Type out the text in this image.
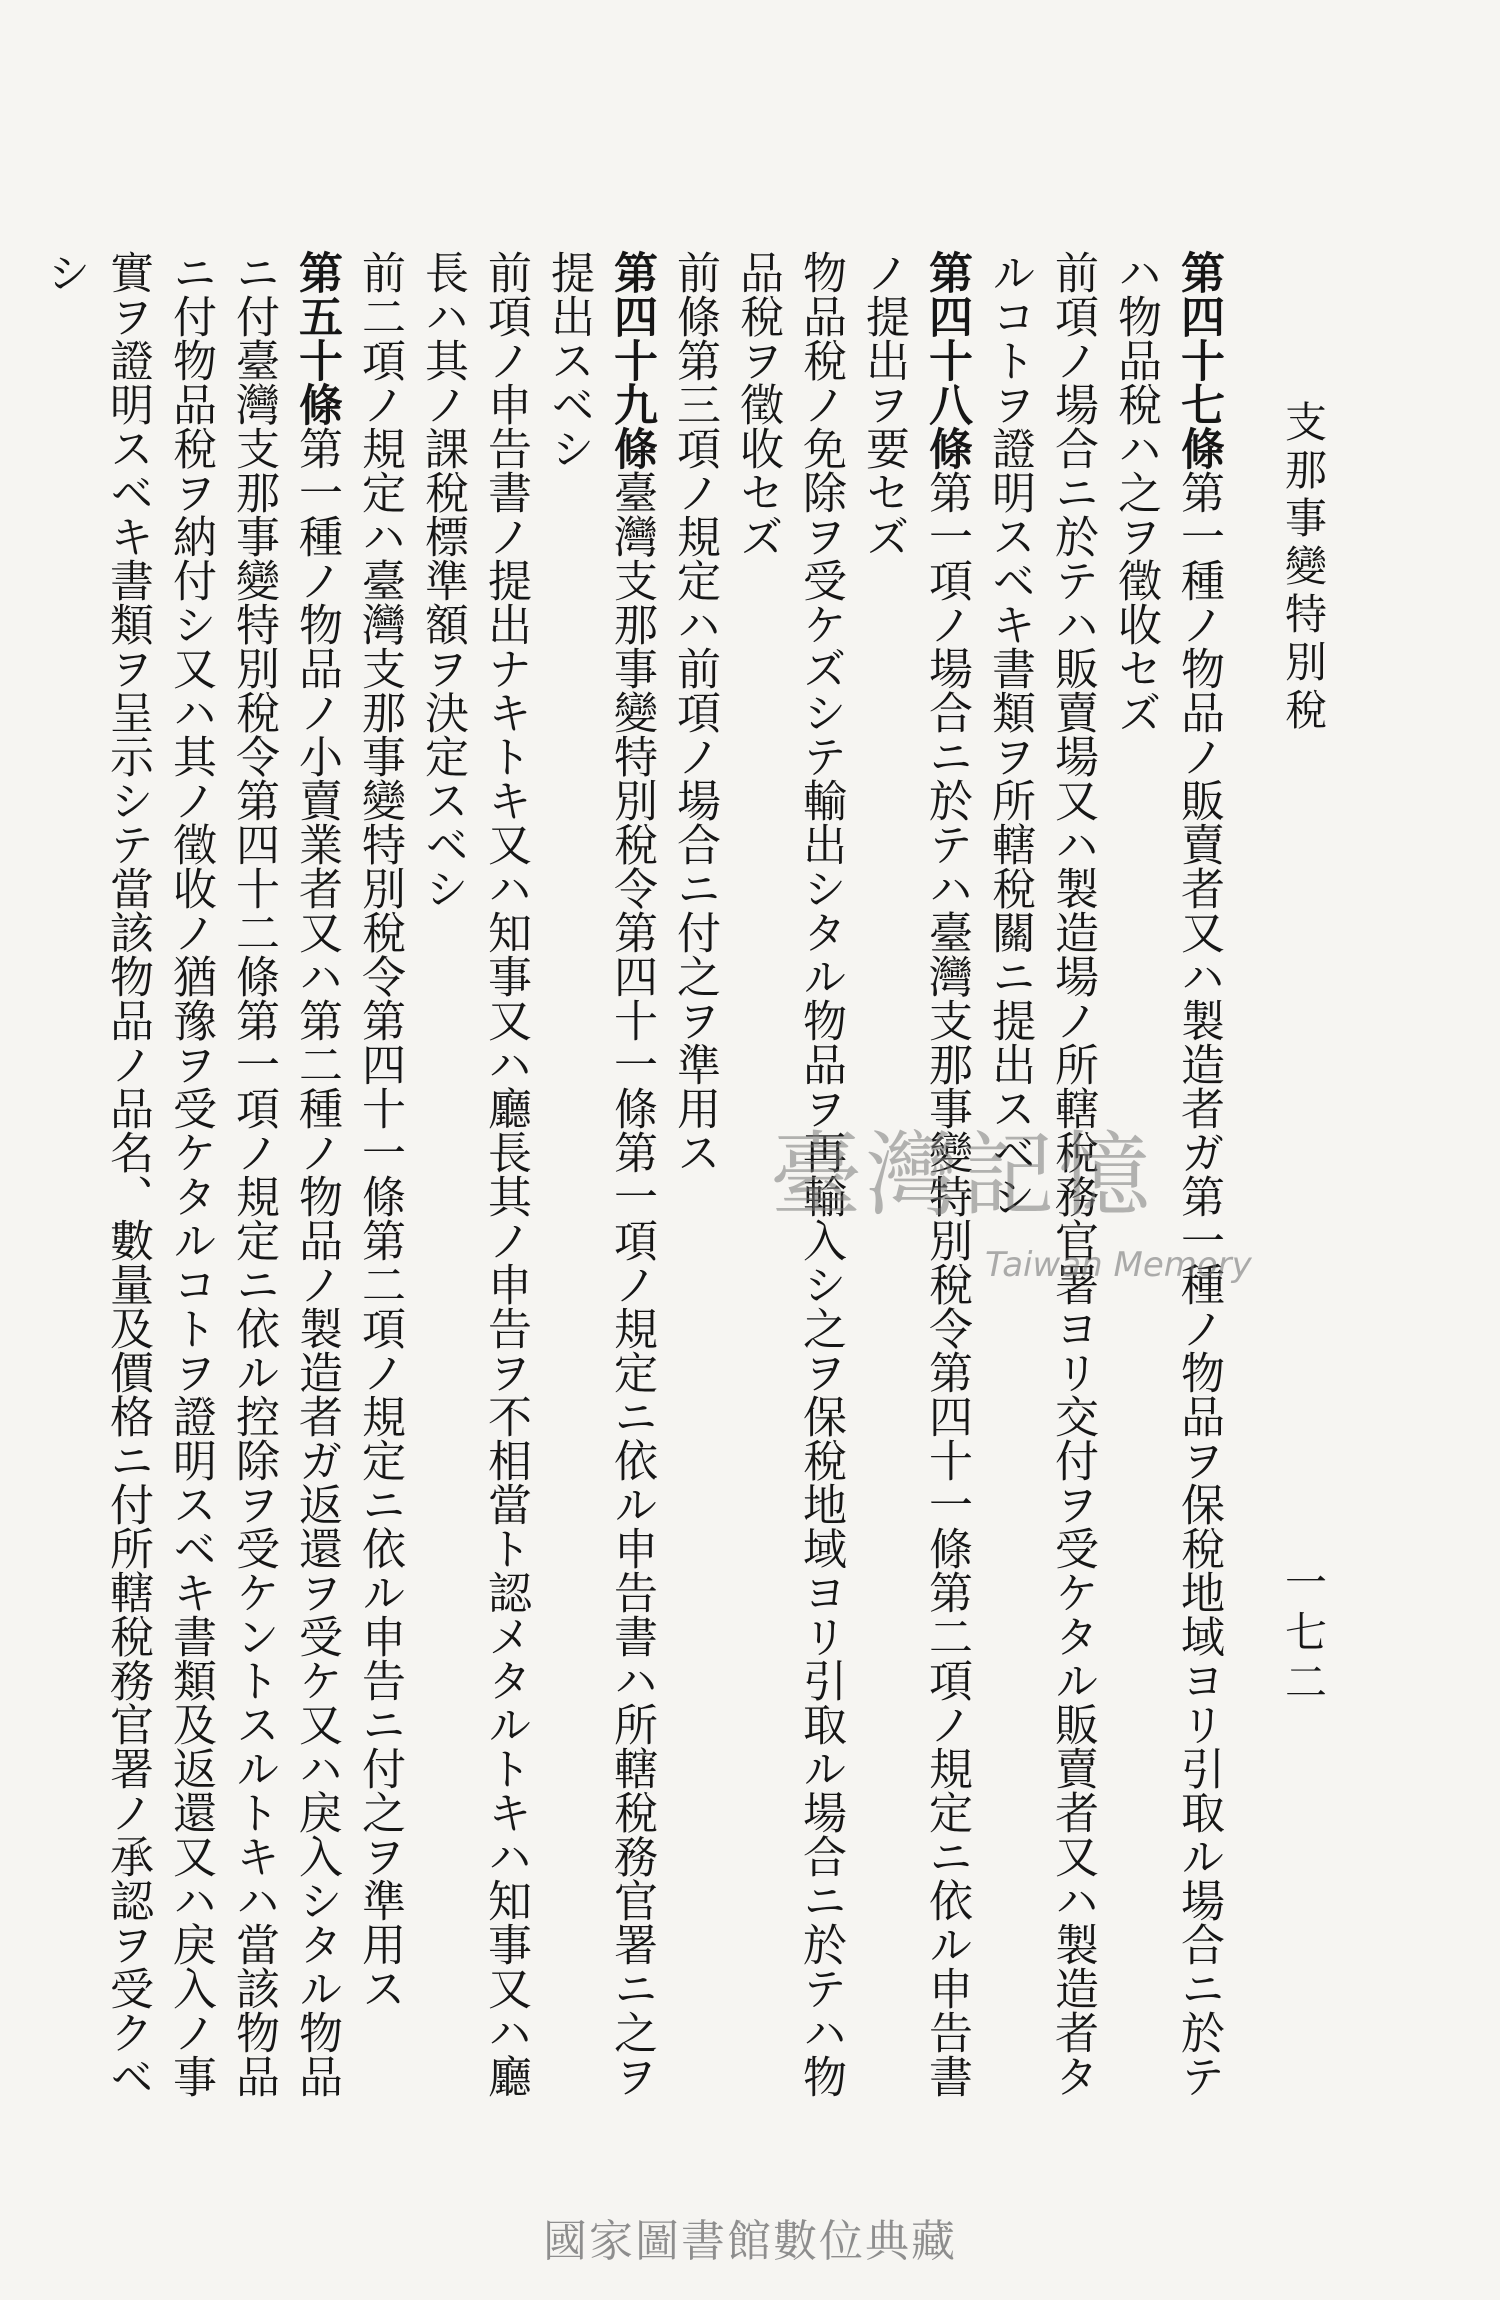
支那事變特別稅
一七二

第四十七條第一種ノ物品ノ販賣者又ハ製造者ガ第一種ノ物品ヲ保稅地域ヨリ引取ル場合ニ於テハ物品稅ハ之ヲ徵收セズ

前項ノ場合ニ於テハ販賣場又ハ製造場ノ所轄稅務官署ヨリ交付ヲ受ケタル販賣者又ハ製造者タルコトヲ證明スベキ書類ヲ所轄稅關ニ提出スベシ

第四十八條第一項ノ場合ニ於テハ臺灣支那事變特別稅令第四十一條第二項ノ規定ニ依ル申告書ノ提出ヲ要セズ

物品稅ノ免除ヲ受ケズシテ輸出シタル物品ヲ再輸入シ之ヲ保稅地域ヨリ引取ル場合ニ於テハ物品稅ヲ徵收セズ

前條第三項ノ規定ハ前項ノ場合ニ付之ヲ準用ス

第四十九條臺灣支那事變特別稅令第四十一條第一項ノ規定ニ依ル申告書ハ所轄稅務官署ニ之ヲ提出スベシ

前項ノ申告書ノ提出ナキトキ又ハ知事又ハ廳長其ノ申告ヲ不相當ト認メタルトキハ知事又ハ廳長ハ其ノ課稅標準額ヲ決定スベシ

前二項ノ規定ハ臺灣支那事變特別稅令第四十一條第二項ノ規定ニ依ル申告ニ付之ヲ準用ス

第五十條第一種ノ物品ノ小賣業者又ハ第二種ノ物品ノ製造者ガ返還ヲ受ケ又ハ戾入シタル物品ニ付臺灣支那事變特別稅令第四十二條第一項ノ規定ニ依ル控除ヲ受ケントスルトキハ當該物品ニ付物品稅ヲ納付シ又ハ其ノ徵收ノ猶豫ヲ受ケタルコトヲ證明スベキ書類及返還又ハ戾入ノ事實ヲ證明スベキ書類ヲ呈示シテ當該物品ノ品名、數量及價格ニ付所轄稅務官署ノ承認ヲ受クベシ

臺灣記憶
Taiwan Memory
國家圖書館數位典藏
